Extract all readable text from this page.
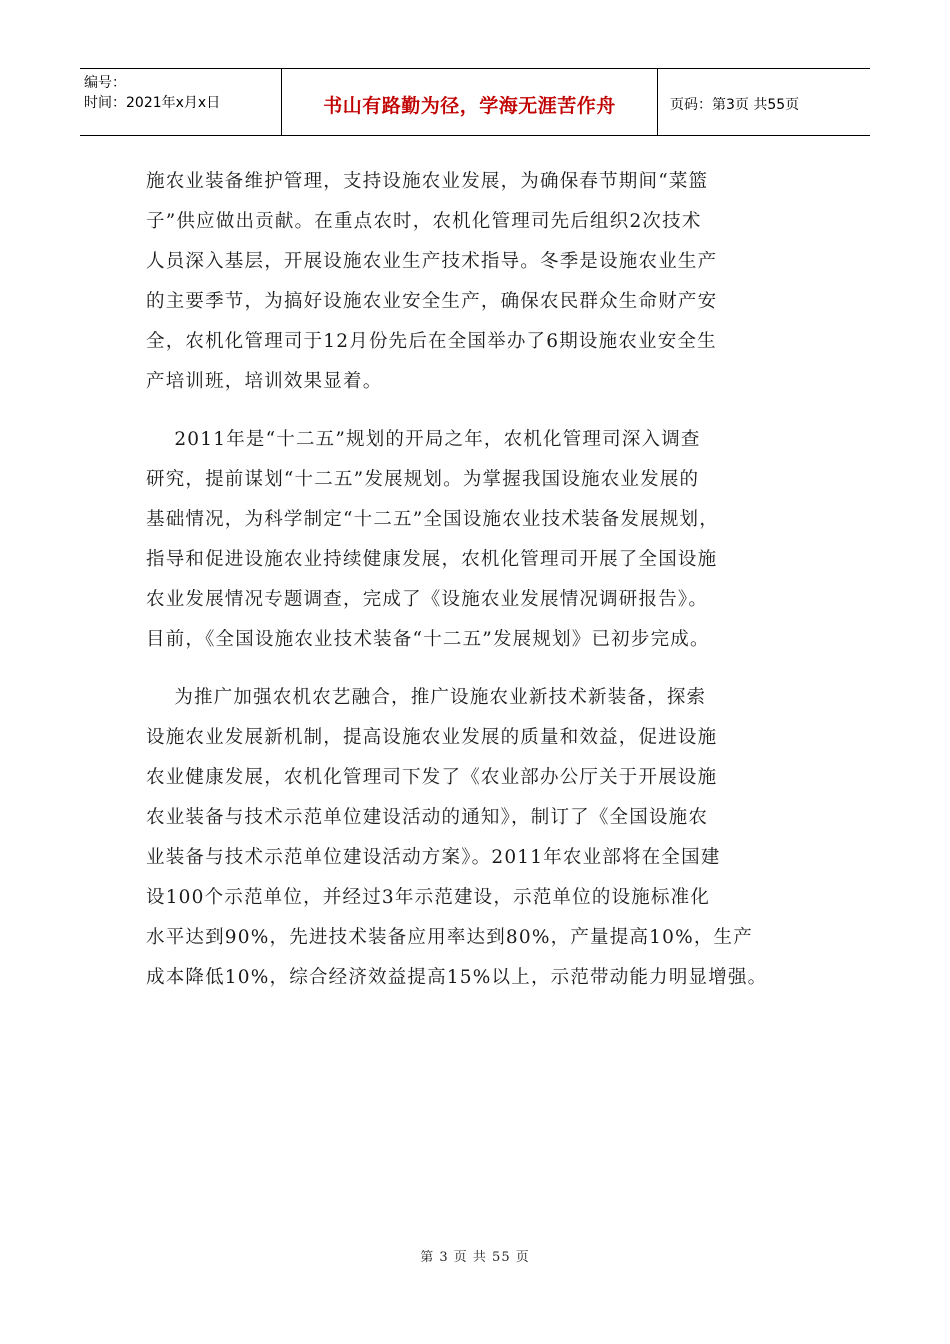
编号：
时间：2021年x月x日	书山有路勤为径，学海无涯苦作舟	页码：第3页 共55页
施农业装备维护管理，支持设施农业发展，为确保春节期间“菜篮
子”供应做出贡献。在重点农时，农机化管理司先后组织2次技术
人员深入基层，开展设施农业生产技术指导。冬季是设施农业生产
的主要季节，为搞好设施农业安全生产，确保农民群众生命财产安
全，农机化管理司于12月份先后在全国举办了6期设施农业安全生
产培训班，培训效果显着。
2011年是“十二五”规划的开局之年，农机化管理司深入调查
研究，提前谋划“十二五”发展规划。为掌握我国设施农业发展的
基础情况，为科学制定“十二五”全国设施农业技术装备发展规划，
指导和促进设施农业持续健康发展，农机化管理司开展了全国设施
农业发展情况专题调查，完成了《设施农业发展情况调研报告》。
目前，《全国设施农业技术装备“十二五”发展规划》已初步完成。
为推广加强农机农艺融合，推广设施农业新技术新装备，探索
设施农业发展新机制，提高设施农业发展的质量和效益，促进设施
农业健康发展，农机化管理司下发了《农业部办公厅关于开展设施
农业装备与技术示范单位建设活动的通知》，制订了《全国设施农
业装备与技术示范单位建设活动方案》。2011年农业部将在全国建
设100个示范单位，并经过3年示范建设，示范单位的设施标准化
水平达到90%，先进技术装备应用率达到80%，产量提高10%，生产
成本降低10%，综合经济效益提高15%以上，示范带动能力明显增强。
第 3 页 共 55 页
